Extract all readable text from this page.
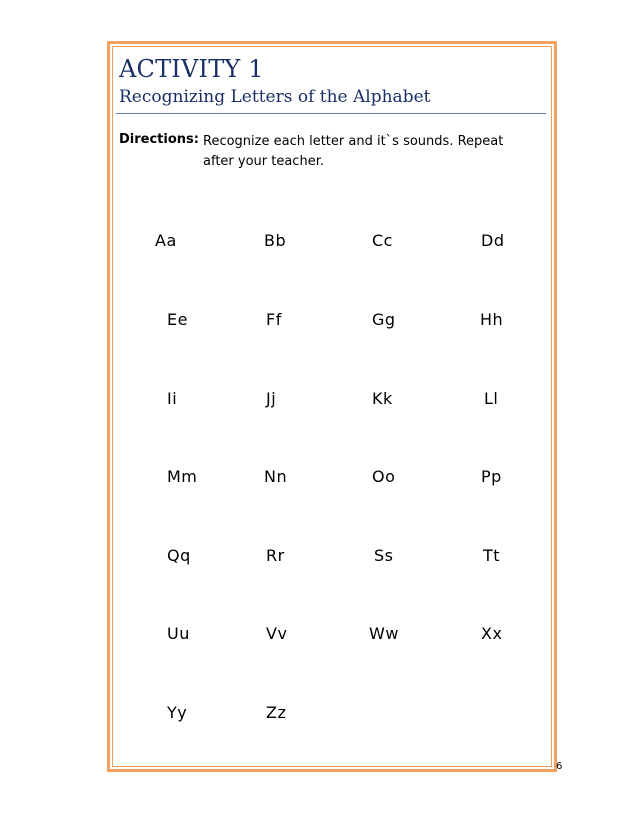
ACTIVITY 1
Recognizing Letters of the Alphabet
Directions: Recognize each letter and it`s sounds. Repeat after your teacher.
Aa	Bb	Cc	Dd
Ee	Ff	Gg	Hh
Ii	Jj	Kk	Ll
Mm	Nn	Oo	Pp
Qq	Rr	Ss	Tt
Uu	Vv	Ww	Xx
Yy	Zz
6
